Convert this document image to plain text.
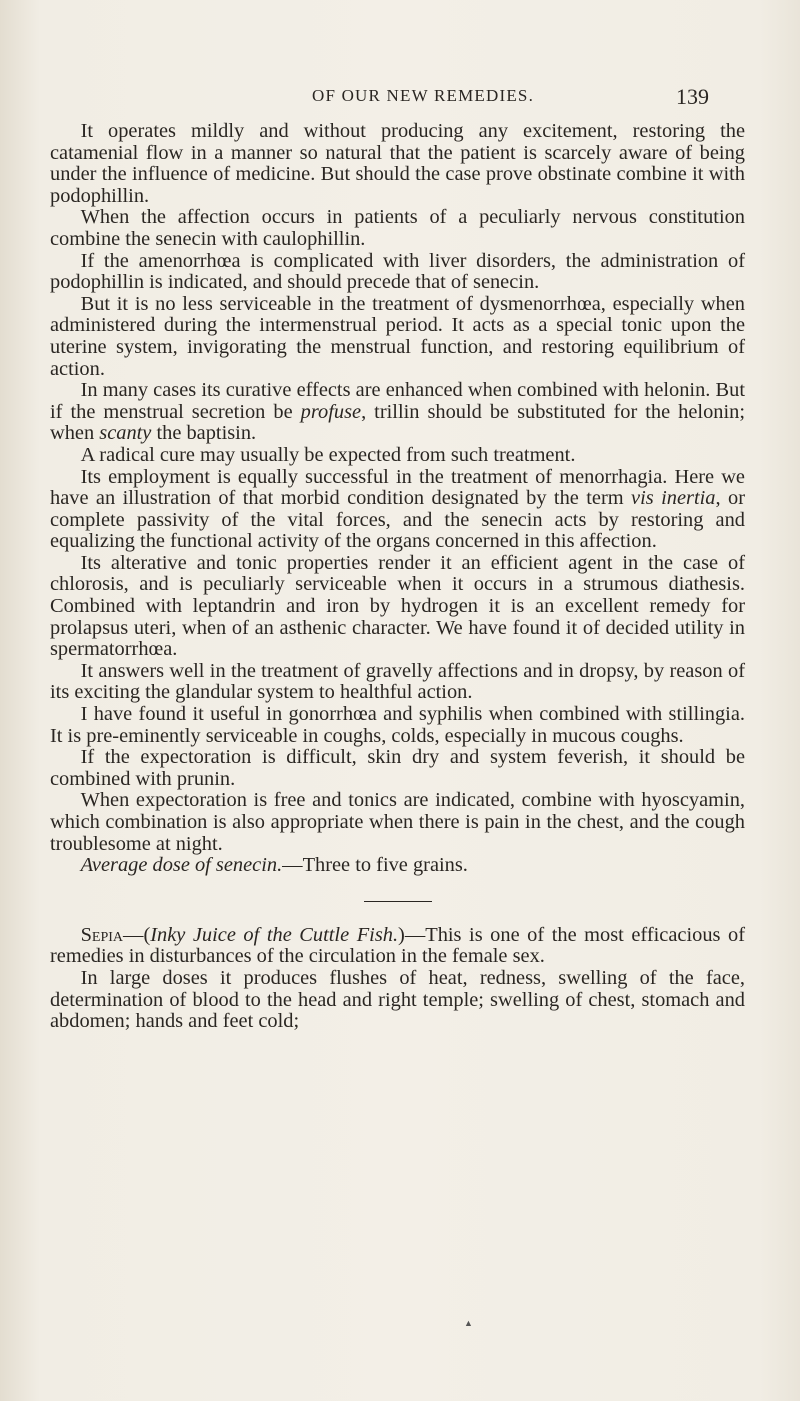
OF OUR NEW REMEDIES.	139

It operates mildly and without producing any excitement, restoring the catamenial flow in a manner so natural that the patient is scarcely aware of being under the influence of medicine. But should the case prove obstinate combine it with podophillin.

When the affection occurs in patients of a peculiarly nervous constitution combine the senecin with caulophillin.

If the amenorrhœa is complicated with liver disorders, the administration of podophillin is indicated, and should precede that of senecin.

But it is no less serviceable in the treatment of dysmenorrhœa, especially when administered during the intermenstrual period. It acts as a special tonic upon the uterine system, invigorating the menstrual function, and restoring equilibrium of action.

In many cases its curative effects are enhanced when combined with helonin. But if the menstrual secretion be profuse, trillin should be substituted for the helonin; when scanty the baptisin.

A radical cure may usually be expected from such treatment.

Its employment is equally successful in the treatment of menorrhagia. Here we have an illustration of that morbid condition designated by the term vis inertia, or complete passivity of the vital forces, and the senecin acts by restoring and equalizing the functional activity of the organs concerned in this affection.

Its alterative and tonic properties render it an efficient agent in the case of chlorosis, and is peculiarly serviceable when it occurs in a strumous diathesis. Combined with leptandrin and iron by hydrogen it is an excellent remedy for prolapsus uteri, when of an asthenic character. We have found it of decided utility in spermatorrhœa.

It answers well in the treatment of gravelly affections and in dropsy, by reason of its exciting the glandular system to healthful action.

I have found it useful in gonorrhœa and syphilis when combined with stillingia. It is pre-eminently serviceable in coughs, colds, especially in mucous coughs.

If the expectoration is difficult, skin dry and system feverish, it should be combined with prunin.

When expectoration is free and tonics are indicated, combine with hyoscyamin, which combination is also appropriate when there is pain in the chest, and the cough troublesome at night.

Average dose of senecin.—Three to five grains.

Sepia—(Inky Juice of the Cuttle Fish.)—This is one of the most efficacious of remedies in disturbances of the circulation in the female sex.

In large doses it produces flushes of heat, redness, swelling of the face, determination of blood to the head and right temple; swelling of chest, stomach and abdomen; hands and feet cold;

▲
